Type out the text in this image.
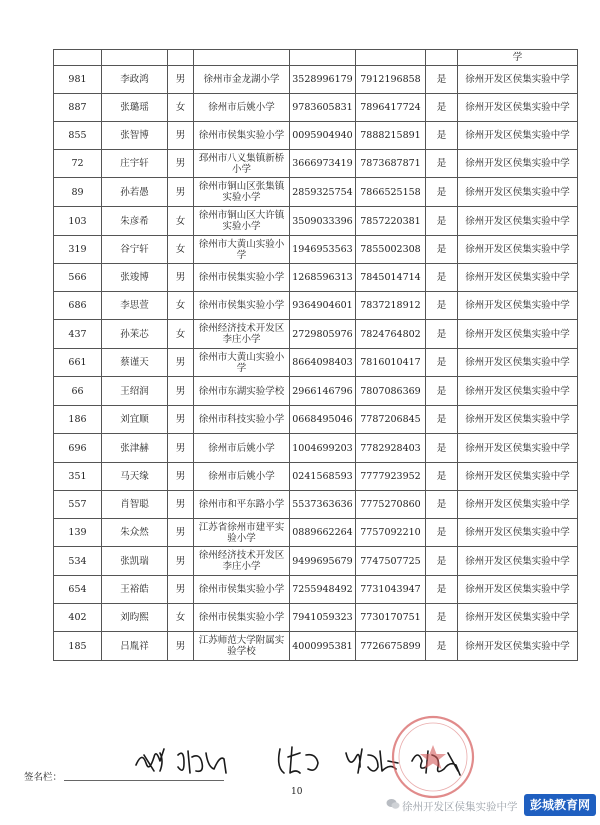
							学
981	李政鸿	男	徐州市金龙湖小学	3528996179	7912196858	是	徐州开发区侯集实验中学
887	张璐瑶	女	徐州市后姚小学	9783605831	7896417724	是	徐州开发区侯集实验中学
855	张智博	男	徐州市侯集实验小学	0095904940	7888215891	是	徐州开发区侯集实验中学
72	庄宇轩	男	邳州市八义集镇新桥小学	3666973419	7873687871	是	徐州开发区侯集实验中学
89	孙若愚	男	徐州市铜山区张集镇实验小学	2859325754	7866525158	是	徐州开发区侯集实验中学
103	朱彦希	女	徐州市铜山区大许镇实验小学	3509033396	7857220381	是	徐州开发区侯集实验中学
319	谷宁轩	女	徐州市大黄山实验小学	1946953563	7855002308	是	徐州开发区侯集实验中学
566	张竣博	男	徐州市侯集实验小学	1268596313	7845014714	是	徐州开发区侯集实验中学
686	李思萱	女	徐州市侯集实验小学	9364904601	7837218912	是	徐州开发区侯集实验中学
437	孙茉芯	女	徐州经济技术开发区李庄小学	2729805976	7824764802	是	徐州开发区侯集实验中学
661	蔡谨天	男	徐州市大黄山实验小学	8664098403	7816010417	是	徐州开发区侯集实验中学
66	王绍润	男	徐州市东湖实验学校	2966146796	7807086369	是	徐州开发区侯集实验中学
186	刘宜顺	男	徐州市科技实验小学	0668495046	7787206845	是	徐州开发区侯集实验中学
696	张津赫	男	徐州市后姚小学	1004699203	7782928403	是	徐州开发区侯集实验中学
351	马天缘	男	徐州市后姚小学	0241568593	7777923952	是	徐州开发区侯集实验中学
557	肖智聪	男	徐州市和平东路小学	5537363636	7775270860	是	徐州开发区侯集实验中学
139	朱众然	男	江苏省徐州市建平实验小学	0889662264	7757092210	是	徐州开发区侯集实验中学
534	张凯瑞	男	徐州经济技术开发区李庄小学	9499695679	7747507725	是	徐州开发区侯集实验中学
654	王裕皓	男	徐州市侯集实验小学	7255948492	7731043947	是	徐州开发区侯集实验中学
402	刘昀熙	女	徐州市侯集实验小学	7941059323	7730170751	是	徐州开发区侯集实验中学
185	吕胤祥	男	江苏师范大学附属实验学校	4000995381	7726675899	是	徐州开发区侯集实验中学
签名栏：
10
徐州开发区侯集实验中学	彭城教育网
